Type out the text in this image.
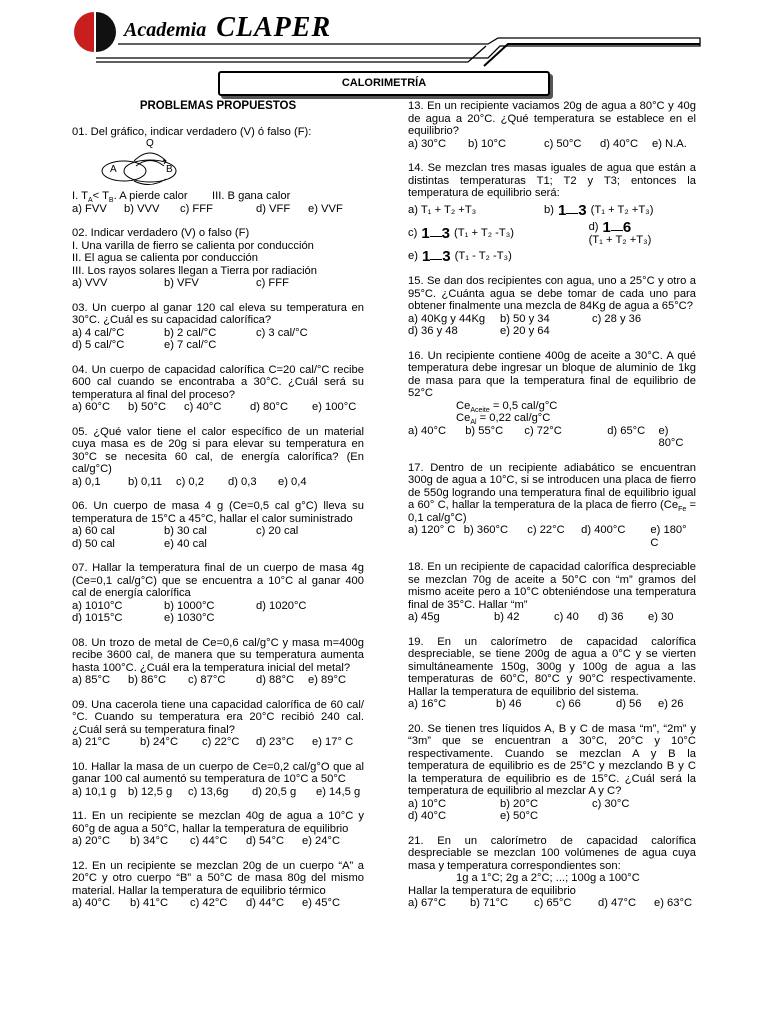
Academia CLAPER
CALORIMETRÍA
PROBLEMAS PROPUESTOS

01. Del gráfico, indicar verdadero (V) ó falso (F):

Q
A	B
I. $T_A< T_B$. A pierde calor	III. B gana calor
a) FVV	b) VVV	c) FFF	d) VFF	e) VVF

02. Indicar verdadero (V) o falso (F)

I. Una varilla de fierro se calienta por conducción

II. El agua se calienta por conducción

III. Los rayos solares llegan a Tierra por radiación

a) VVV	b) VFV	c) FFF

03. Un cuerpo al ganar 120 cal eleva su temperatura en 30°C. ¿Cuál es su capacidad calorífica?

a) 4 cal/°C	b) 2 cal/°C	c) 3 cal/°C
d) 5 cal/°C	e) 7 cal/°C

04. Un cuerpo de capacidad calorífica C=20 cal/°C recibe 600 cal cuando se encontraba a 30°C. ¿Cuál será su temperatura al final del proceso?

a) 60°C	b) 50°C	c) 40°C	d) 80°C	e) 100°C

05. ¿Qué valor tiene el calor específico de un material cuya masa es de 20g si para elevar su temperatura en 30°C se necesita 60 cal, de energía calorífica? (En cal/g°C)

a) 0,1	b) 0,11	c) 0,2	d) 0,3	e) 0,4

06. Un cuerpo de masa 4 g (Ce=0,5 cal g°C) lleva su temperatura de 15°C a 45°C, hallar el calor suministrado

a) 60 cal	b) 30 cal	c) 20 cal
d) 50 cal	e) 40 cal

07. Hallar la temperatura final de un cuerpo de masa 4g (Ce=0,1 cal/g°C) que se encuentra a 10°C al ganar 400 cal de energía calorífica

a) 1010°C	b) 1000°C	d) 1020°C
d) 1015°C	e) 1030°C

08. Un trozo de metal de Ce=0,6 cal/g°C y masa m=400g recibe 3600 cal, de manera que su temperatura aumenta hasta 100°C. ¿Cuál era la temperatura inicial del metal?

a) 85°C	b) 86°C	c) 87°C	d) 88°C	e) 89°C

09. Una cacerola tiene una capacidad calorífica de 60 cal/°C. Cuando su temperatura era 20°C recibió 240 cal. ¿Cuál será su temperatura final?

a) 21°C	b) 24°C	c) 22°C	d) 23°C	e) 17° C

10. Hallar la masa de un cuerpo de Ce=0,2 cal/g°O que al ganar 100 cal aumentó su temperatura de 10°C a 50°C

a) 10,1 g	b) 12,5 g	c) 13,6g	d) 20,5 g	e) 14,5 g

11. En un recipiente se mezclan 40g de agua a 10°C y 60°g de agua a 50°C, hallar la temperatura de equilibrio

a) 20°C	b) 34°C	c) 44°C	d) 54°C	e) 24°C

12. En un recipiente se mezclan 20g de un cuerpo “A” a 20°C y otro cuerpo “B” a 50°C de masa 80g del mismo material. Hallar la temperatura de equilibrio térmico

a) 40°C	b) 41°C	c) 42°C	d) 44°C	e) 45°C

13. En un recipiente vaciamos 20g de agua a 80°C y 40g de agua a 20°C. ¿Qué temperatura se establece en el equilibrio?

a) 30°C	b) 10°C	c) 50°C	d) 40°C	e) N.A.

14. Se mezclan tres masas iguales de agua que están a distintas temperaturas T1; T2 y T3; entonces la temperatura de equilibrio será:

a) T₁ + T₂ +T₃	b) 1 3 (T₁ + T₂ +T₃)
c) 1 3 (T₁ + T₂ -T₃)
d) 1 6(T₁ + T₂ +T₃)
e) 1 3 (T₁ - T₂ -T₃)

15. Se dan dos recipientes con agua, uno a 25°C y otro a 95°C. ¿Cuánta agua se debe tomar de cada uno para obtener finalmente una mezcla de 84Kg de agua a 65°C?

a) 40Kg y 44Kg	b) 50 y 34	c) 28 y 36
d) 36 y 48	e) 20 y 64

16. Un recipiente contiene 400g de aceite a 30°C. A qué temperatura debe ingresar un bloque de aluminio de 1kg de masa para que la temperatura final de equilibrio de 52°C

$Ce_{Aceite} = 0,5$ cal/g°C

$Ce_{Al} = 0,22$ cal/g°C

a) 40°C	b) 55°C	c) 72°C	d) 65°C	e) 80°C

17. Dentro de un recipiente adiabático se encuentran 300g de agua a 10°C, si se introducen una placa de fierro de 550g logrando una temperatura final de equilibrio igual a 60° C, hallar la temperatura de la placa de fierro ($Ce_{Fe} = 0,1$ cal/g°C)

a) 120° C b) 360°C	c) 22°C	d) 400°C	e) 180° C

18. En un recipiente de capacidad calorífica despreciable se mezclan 70g de aceite a 50°C con “m” gramos del mismo aceite pero a 10°C obteniéndose una temperatura final de 35°C. Hallar “m”

a) 45g	b) 42	c) 40	d) 36	e) 30

19. En un calorímetro de capacidad calorífica despreciable, se tiene 200g de agua a 0°C y se vierten simultáneamente 150g, 300g y 100g de agua a las temperaturas de 60°C, 80°C y 90°C respectivamente. Hallar la temperatura de equilibrio del sistema.

a) 16°C	b) 46	c) 66	d) 56	e) 26

20. Se tienen tres líquidos A, B y C de masa “m”, “2m” y “3m” que se encuentran a 30°C, 20°C y 10°C respectivamente. Cuando se mezclan A y B la temperatura de equilibrio es de 25°C y mezclando B y C la temperatura de equilibrio es de 15°C. ¿Cuál será la temperatura de equilibrio al mezclar A y C?

a) 10°C	b) 20°C	c) 30°C
d) 40°C	e) 50°C

21. En un calorímetro de capacidad calorífica despreciable se mezclan 100 volúmenes de agua cuya masa y temperatura correspondientes son:

1g a 1°C; 2g a 2°C; ...; 100g a 100°C

Hallar la temperatura de equilibrio

a) 67°C	b) 71°C	c) 65°C	d) 47°C	e) 63°C
